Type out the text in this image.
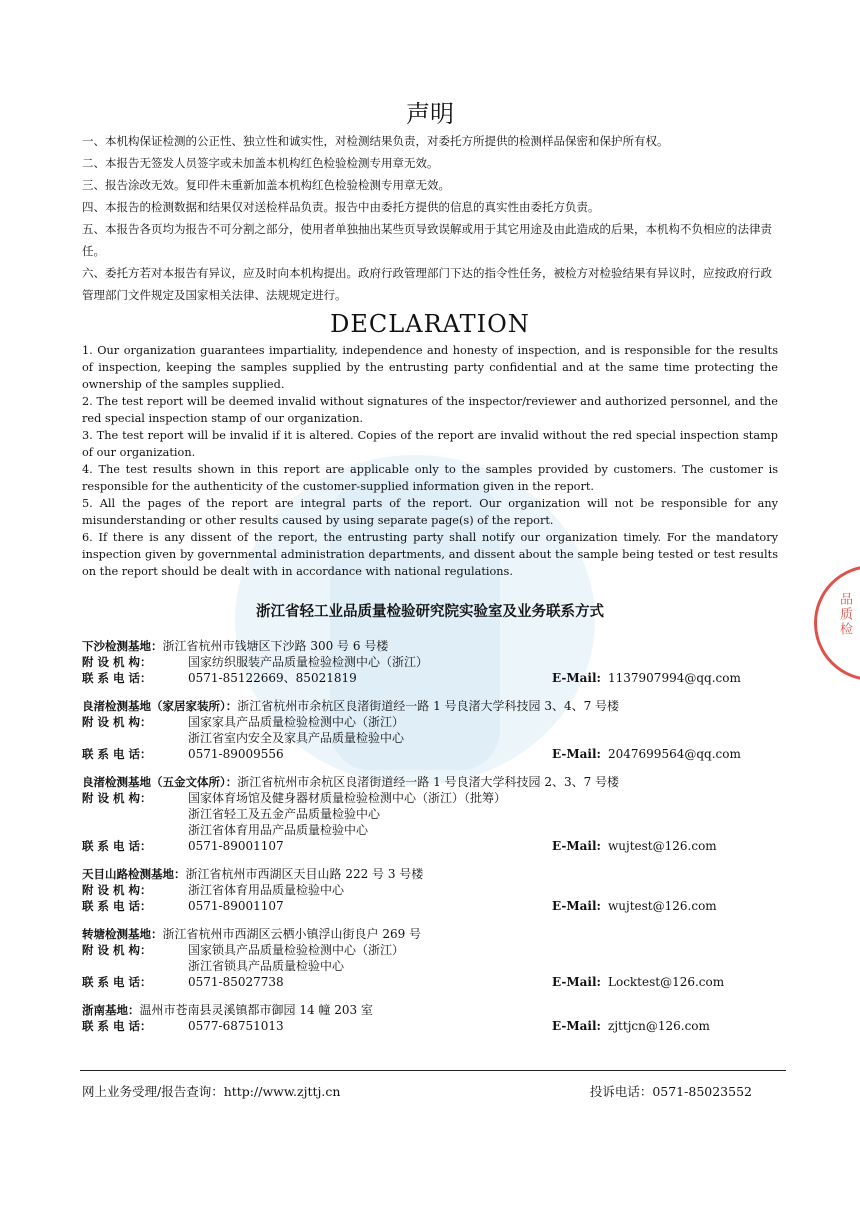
品质检
声明

一、本机构保证检测的公正性、独立性和诚实性，对检测结果负责，对委托方所提供的检测样品保密和保护所有权。

二、本报告无签发人员签字或未加盖本机构红色检验检测专用章无效。

三、报告涂改无效。复印件未重新加盖本机构红色检验检测专用章无效。

四、本报告的检测数据和结果仅对送检样品负责。报告中由委托方提供的信息的真实性由委托方负责。

五、本报告各页均为报告不可分割之部分，使用者单独抽出某些页导致误解或用于其它用途及由此造成的后果，本机构不负相应的法律责任。

六、委托方若对本报告有异议，应及时向本机构提出。政府行政管理部门下达的指令性任务，被检方对检验结果有异议时，应按政府行政管理部门文件规定及国家相关法律、法规规定进行。

DECLARATION

1. Our organization guarantees impartiality, independence and honesty of inspection, and is responsible for the results of inspection, keeping the samples supplied by the entrusting party confidential and at the same time protecting the ownership of the samples supplied.

2. The test report will be deemed invalid without signatures of the inspector/reviewer and authorized personnel, and the red special inspection stamp of our organization.

3. The test report will be invalid if it is altered. Copies of the report are invalid without the red special inspection stamp of our organization.

4. The test results shown in this report are applicable only to the samples provided by customers. The customer is responsible for the authenticity of the customer-supplied information given in the report.

5. All the pages of the report are integral parts of the report. Our organization will not be responsible for any misunderstanding or other results caused by using separate page(s) of the report.

6. If there is any dissent of the report, the entrusting party shall notify our organization timely. For the mandatory inspection given by governmental administration departments, and dissent about the sample being tested or test results on the report should be dealt with in accordance with national regulations.

浙江省轻工业品质量检验研究院实验室及业务联系方式
下沙检测基地： 浙江省杭州市钱塘区下沙路 300 号 6 号楼
附 设 机 构：	国家纺织服装产品质量检验检测中心（浙江）
联 系 电 话：	0571-85122669、85021819	E-Mail: 1137907994@qq.com
良渚检测基地（家居家装所）： 浙江省杭州市余杭区良渚街道经一路 1 号良渚大学科技园 3、4、7 号楼
附 设 机 构：	国家家具产品质量检验检测中心（浙江）
浙江省室内安全及家具产品质量检验中心
联 系 电 话：	0571-89009556	E-Mail: 2047699564@qq.com
良渚检测基地（五金文体所）： 浙江省杭州市余杭区良渚街道经一路 1 号良渚大学科技园 2、3、7 号楼
附 设 机 构：	国家体育场馆及健身器材质量检验检测中心（浙江）（批筹）
浙江省轻工及五金产品质量检验中心
浙江省体育用品产品质量检验中心
联 系 电 话：	0571-89001107	E-Mail: wujtest@126.com
天目山路检测基地： 浙江省杭州市西湖区天目山路 222 号 3 号楼
附 设 机 构：	浙江省体育用品质量检验中心
联 系 电 话：	0571-89001107	E-Mail: wujtest@126.com
转塘检测基地： 浙江省杭州市西湖区云栖小镇浮山街良户 269 号
附 设 机 构：	国家锁具产品质量检验检测中心（浙江）
浙江省锁具产品质量检验中心
联 系 电 话：	0571-85027738	E-Mail: Locktest@126.com
浙南基地： 温州市苍南县灵溪镇都市御园 14 幢 203 室
联 系 电 话：	0577-68751013	E-Mail: zjttjcn@126.com
网上业务受理/报告查询：http://www.zjttj.cn	投诉电话：0571-85023552
